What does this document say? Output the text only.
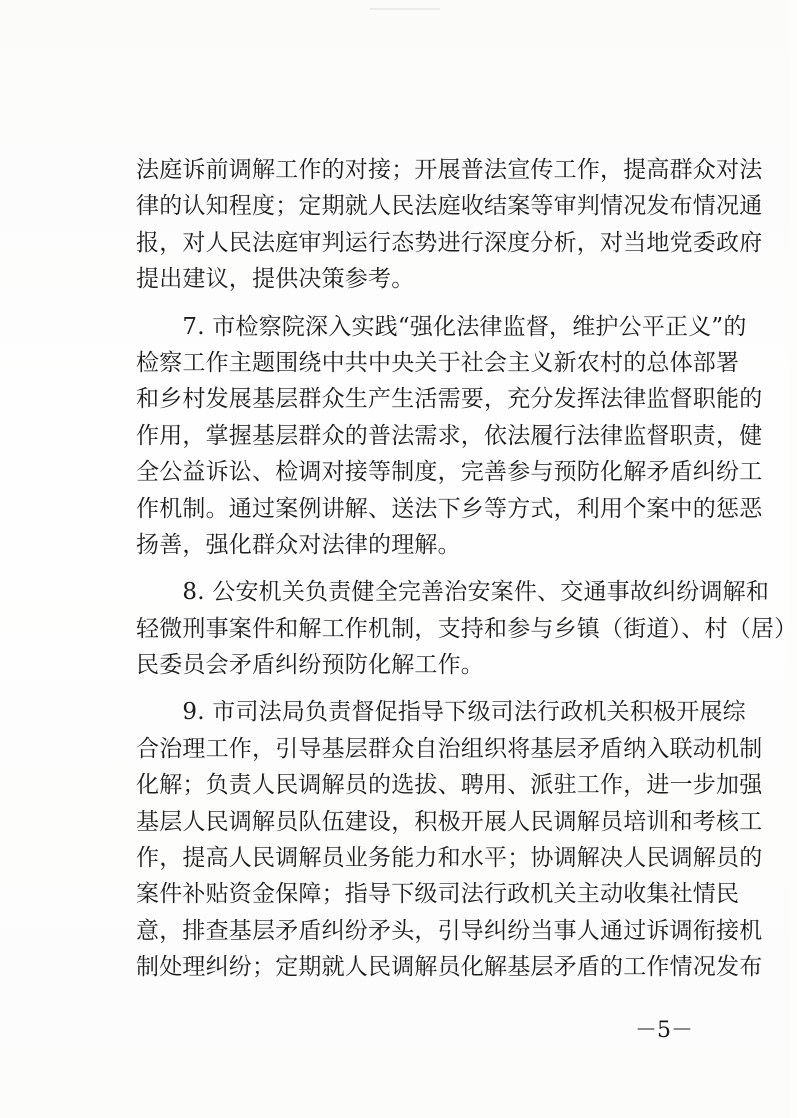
法庭诉前调解工作的对接；开展普法宣传工作，提高群众对法
律的认知程度；定期就人民法庭收结案等审判情况发布情况通
报，对人民法庭审判运行态势进行深度分析，对当地党委政府
提出建议，提供决策参考。
　　7. 市检察院深入实践“强化法律监督，维护公平正义”的
检察工作主题围绕中共中央关于社会主义新农村的总体部署
和乡村发展基层群众生产生活需要，充分发挥法律监督职能的
作用，掌握基层群众的普法需求，依法履行法律监督职责，健
全公益诉讼、检调对接等制度，完善参与预防化解矛盾纠纷工
作机制。通过案例讲解、送法下乡等方式，利用个案中的惩恶
扬善，强化群众对法律的理解。
　　8. 公安机关负责健全完善治安案件、交通事故纠纷调解和
轻微刑事案件和解工作机制，支持和参与乡镇（街道）、村（居）
民委员会矛盾纠纷预防化解工作。
　　9. 市司法局负责督促指导下级司法行政机关积极开展综
合治理工作，引导基层群众自治组织将基层矛盾纳入联动机制
化解；负责人民调解员的选拔、聘用、派驻工作，进一步加强
基层人民调解员队伍建设，积极开展人民调解员培训和考核工
作，提高人民调解员业务能力和水平；协调解决人民调解员的
案件补贴资金保障；指导下级司法行政机关主动收集社情民
意，排查基层矛盾纠纷矛头，引导纠纷当事人通过诉调衔接机
制处理纠纷；定期就人民调解员化解基层矛盾的工作情况发布
－5－
